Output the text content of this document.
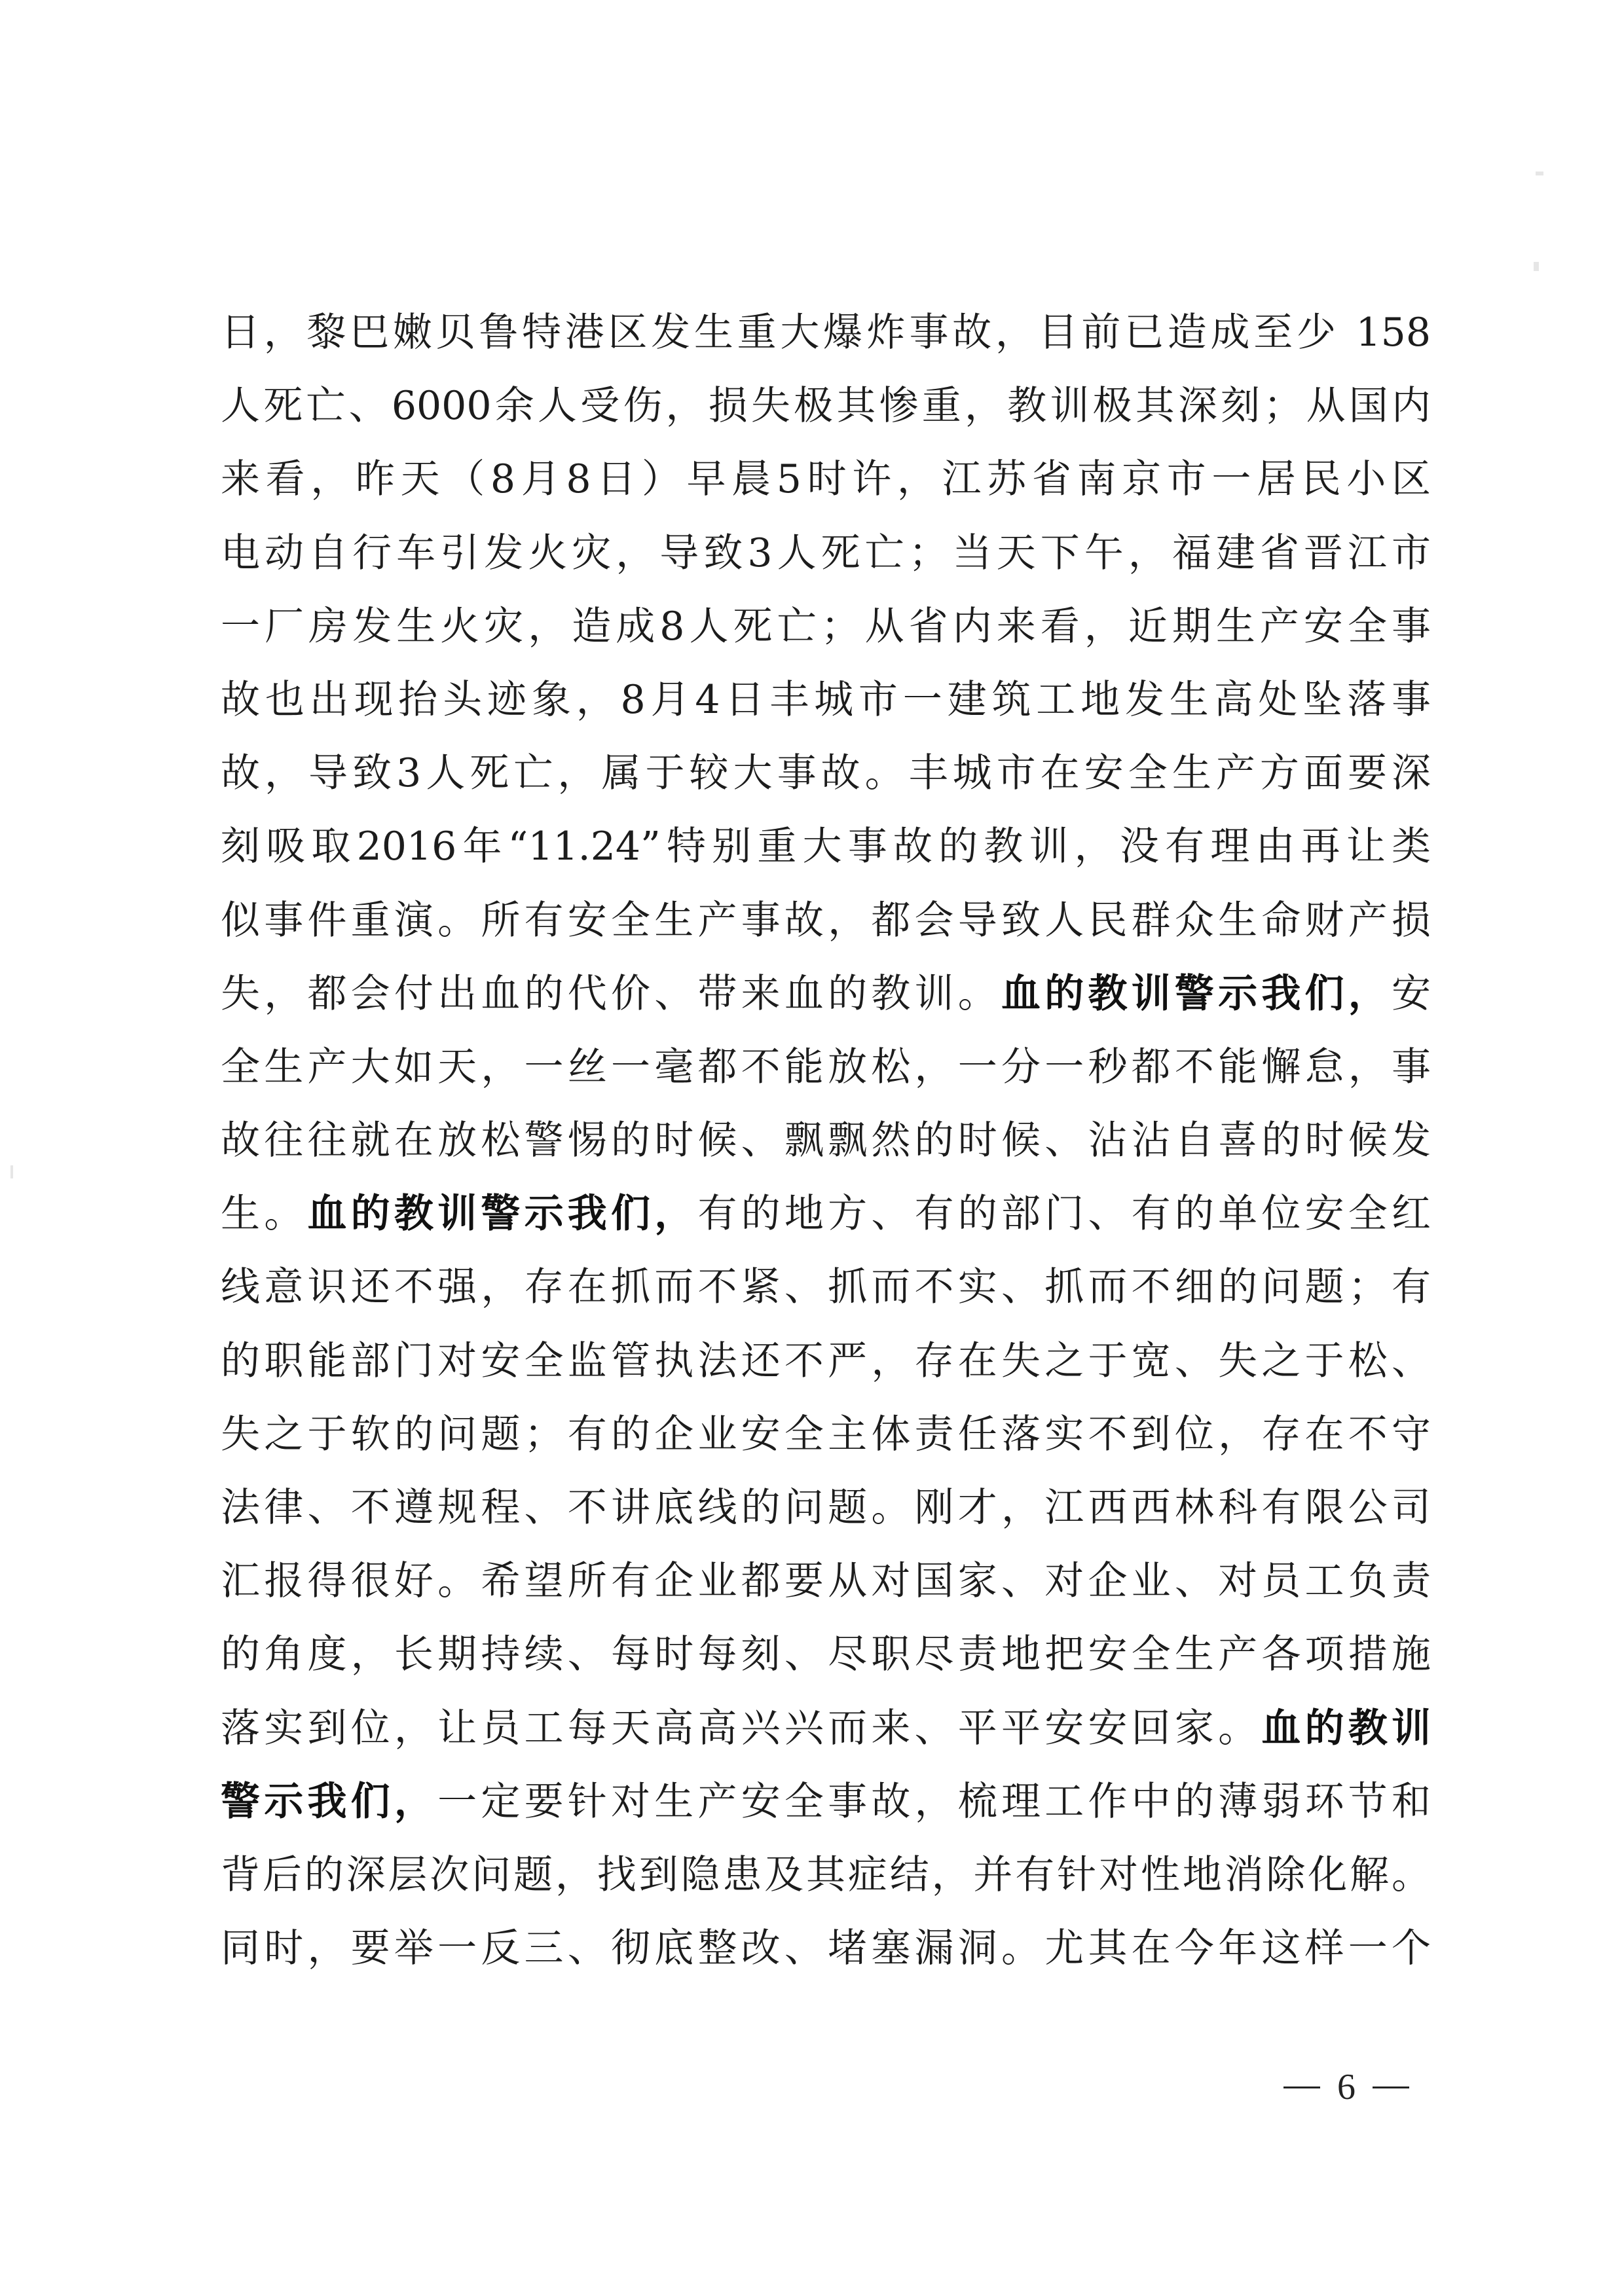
日，黎巴嫩贝鲁特港区发生重大爆炸事故，目前已造成至少 158
人死亡、6000余人受伤，损失极其惨重，教训极其深刻；从国内
来看，昨天（8月8日）早晨5时许，江苏省南京市一居民小区
电动自行车引发火灾，导致3人死亡；当天下午，福建省晋江市
一厂房发生火灾，造成8人死亡；从省内来看，近期生产安全事
故也出现抬头迹象，8月4日丰城市一建筑工地发生高处坠落事
故，导致3人死亡，属于较大事故。丰城市在安全生产方面要深
刻吸取2016年“11.24”特别重大事故的教训，没有理由再让类
似事件重演。所有安全生产事故，都会导致人民群众生命财产损
失，都会付出血的代价、带来血的教训。血的教训警示我们，安
全生产大如天，一丝一毫都不能放松，一分一秒都不能懈怠，事
故往往就在放松警惕的时候、飘飘然的时候、沾沾自喜的时候发
生。血的教训警示我们，有的地方、有的部门、有的单位安全红
线意识还不强，存在抓而不紧、抓而不实、抓而不细的问题；有
的职能部门对安全监管执法还不严，存在失之于宽、失之于松、
失之于软的问题；有的企业安全主体责任落实不到位，存在不守
法律、不遵规程、不讲底线的问题。刚才，江西西林科有限公司
汇报得很好。希望所有企业都要从对国家、对企业、对员工负责
的角度，长期持续、每时每刻、尽职尽责地把安全生产各项措施
落实到位，让员工每天高高兴兴而来、平平安安回家。血的教训
警示我们，一定要针对生产安全事故，梳理工作中的薄弱环节和
背后的深层次问题，找到隐患及其症结，并有针对性地消除化解。
同时，要举一反三、彻底整改、堵塞漏洞。尤其在今年这样一个
6
